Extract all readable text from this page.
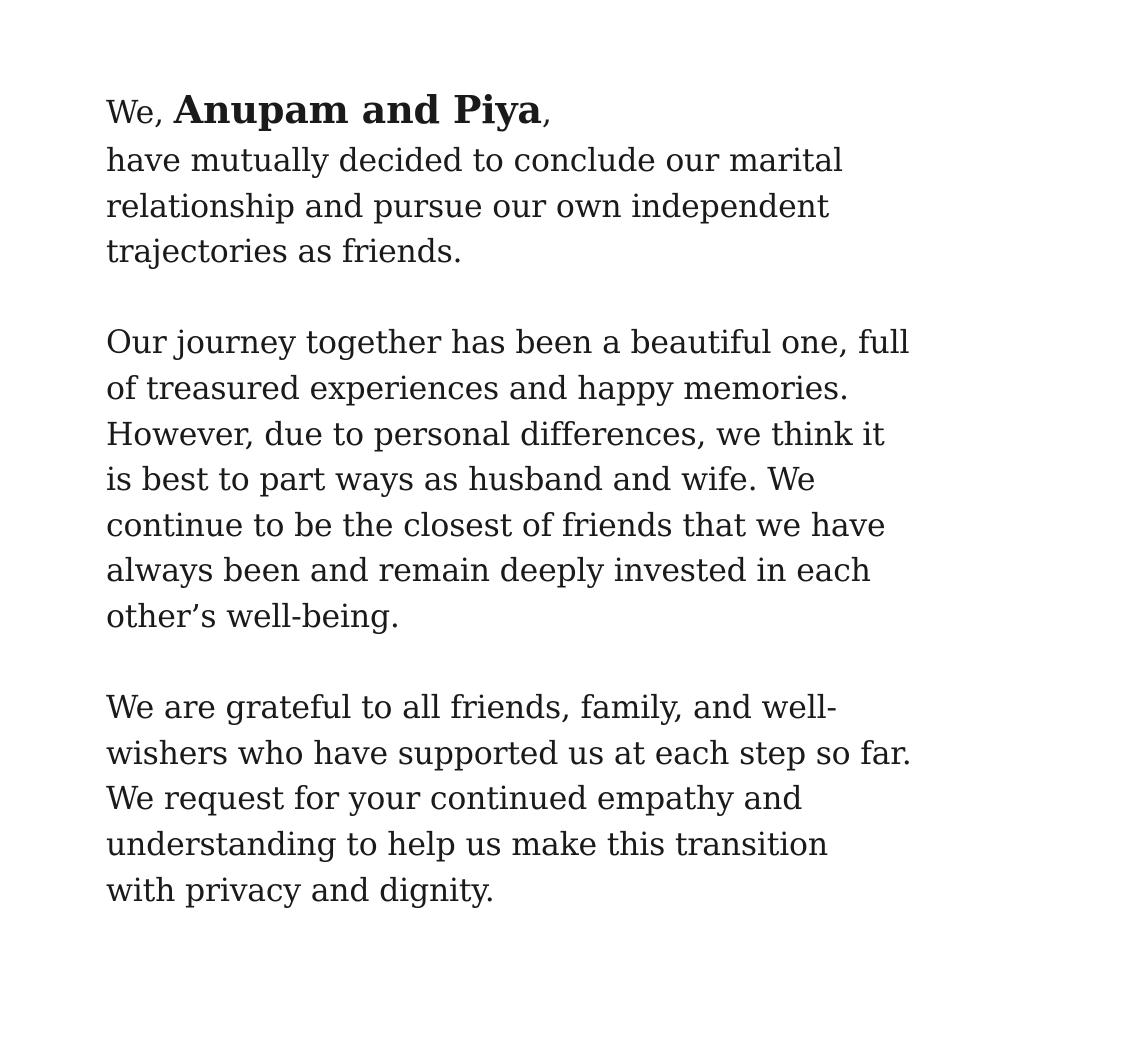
We, Anupam and Piya,
have mutually decided to conclude our marital
relationship and pursue our own independent
trajectories as friends.
Our journey together has been a beautiful one, full
of treasured experiences and happy memories.
However, due to personal differences, we think it
is best to part ways as husband and wife. We
continue to be the closest of friends that we have
always been and remain deeply invested in each
other’s well-being.
We are grateful to all friends, family, and well-
wishers who have supported us at each step so far.
We request for your continued empathy and
understanding to help us make this transition
with privacy and dignity.
